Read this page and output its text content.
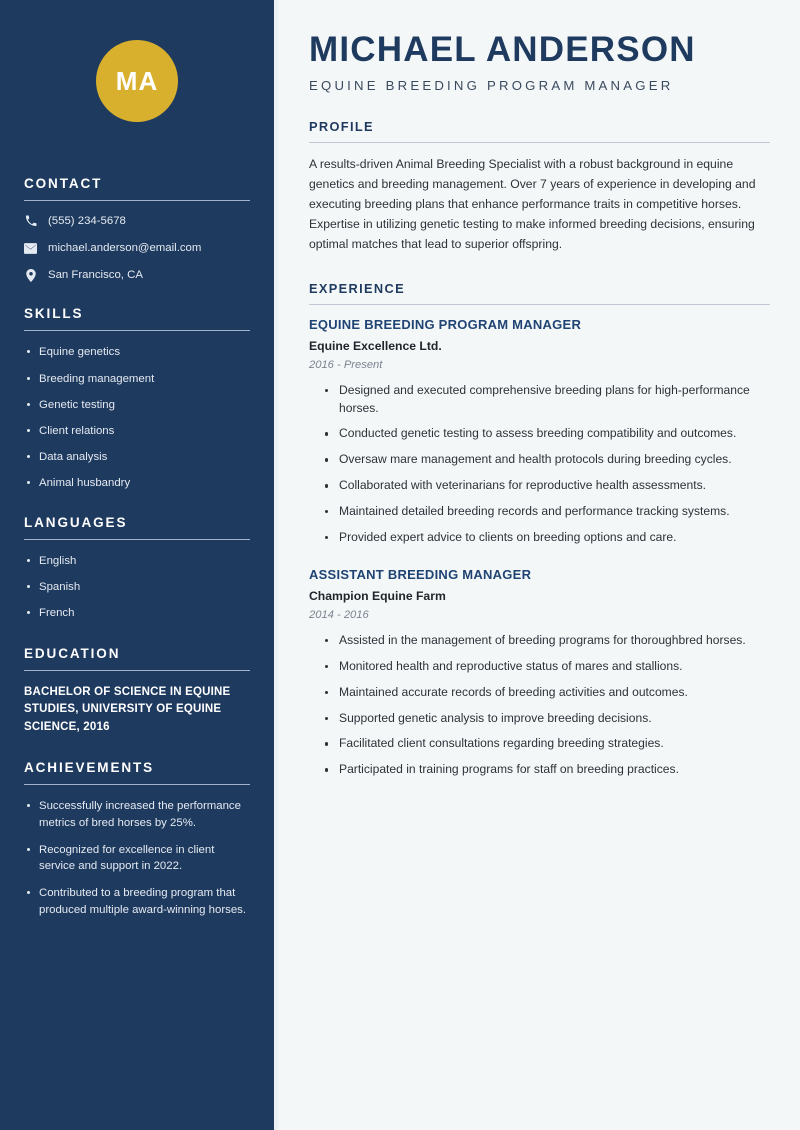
MA
CONTACT
(555) 234-5678
michael.anderson@email.com
San Francisco, CA
SKILLS
Equine genetics
Breeding management
Genetic testing
Client relations
Data analysis
Animal husbandry
LANGUAGES
English
Spanish
French
EDUCATION
BACHELOR OF SCIENCE IN EQUINE STUDIES, UNIVERSITY OF EQUINE SCIENCE, 2016
ACHIEVEMENTS
Successfully increased the performance metrics of bred horses by 25%.
Recognized for excellence in client service and support in 2022.
Contributed to a breeding program that produced multiple award-winning horses.
MICHAEL ANDERSON
EQUINE BREEDING PROGRAM MANAGER
PROFILE

A results-driven Animal Breeding Specialist with a robust background in equine genetics and breeding management. Over 7 years of experience in developing and executing breeding plans that enhance performance traits in competitive horses. Expertise in utilizing genetic testing to make informed breeding decisions, ensuring optimal matches that lead to superior offspring.

EXPERIENCE
EQUINE BREEDING PROGRAM MANAGER
Equine Excellence Ltd.
2016 - Present
Designed and executed comprehensive breeding plans for high-performance horses.
Conducted genetic testing to assess breeding compatibility and outcomes.
Oversaw mare management and health protocols during breeding cycles.
Collaborated with veterinarians for reproductive health assessments.
Maintained detailed breeding records and performance tracking systems.
Provided expert advice to clients on breeding options and care.
ASSISTANT BREEDING MANAGER
Champion Equine Farm
2014 - 2016
Assisted in the management of breeding programs for thoroughbred horses.
Monitored health and reproductive status of mares and stallions.
Maintained accurate records of breeding activities and outcomes.
Supported genetic analysis to improve breeding decisions.
Facilitated client consultations regarding breeding strategies.
Participated in training programs for staff on breeding practices.
